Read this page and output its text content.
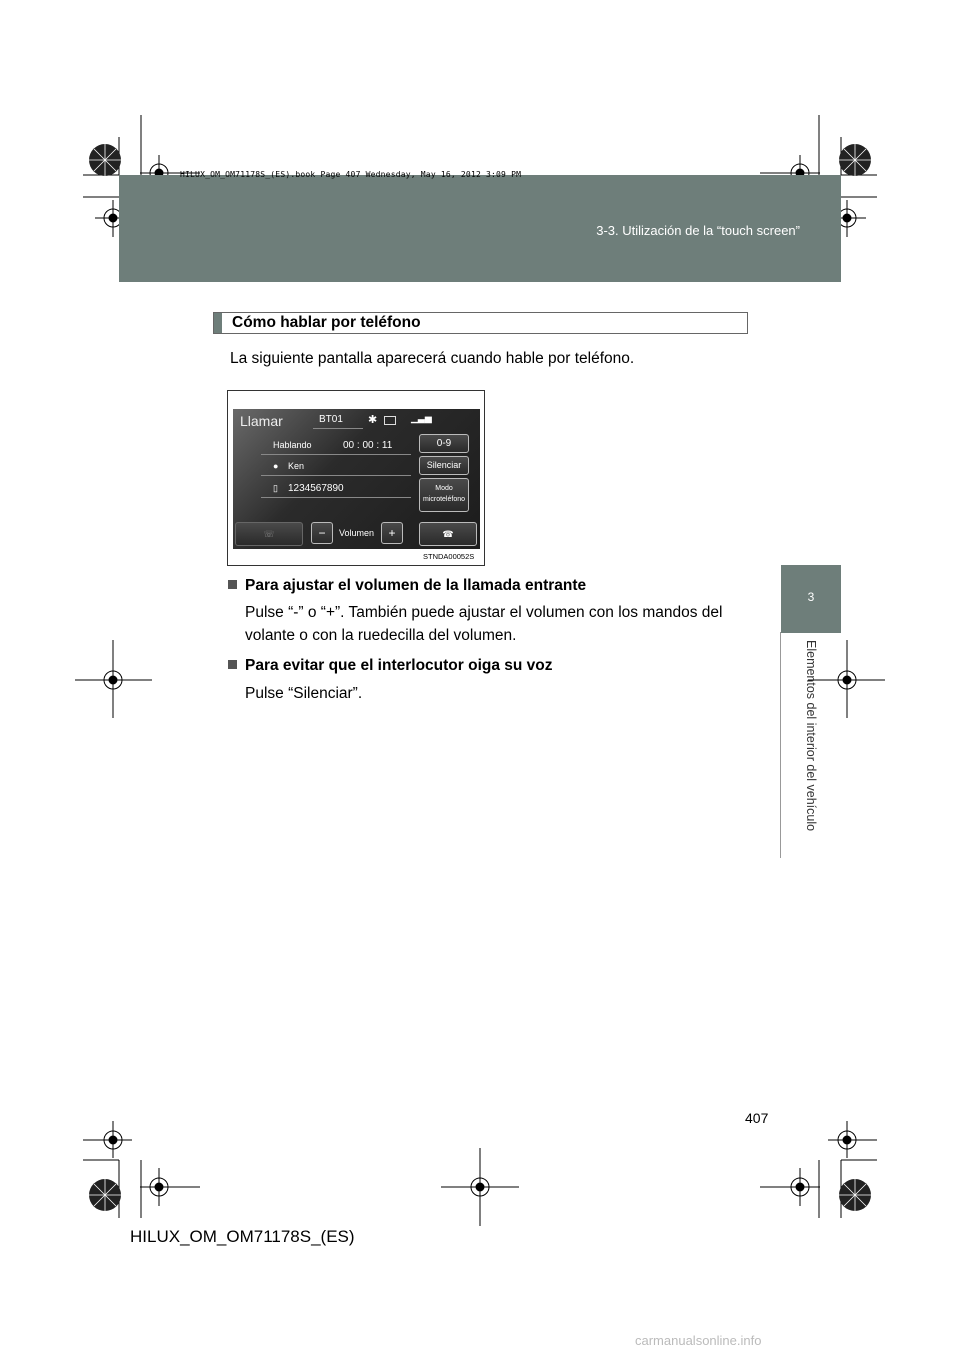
HILUX_OM_OM71178S_(ES).book Page 407 Wednesday, May 16, 2012 3:09 PM
3-3. Utilización de la “touch screen”
3
Elementos del interior del vehículo
Cómo hablar por teléfono
La siguiente pantalla aparecerá cuando hable por teléfono.
Llamar	BT01 ✱	▁▃▅
Hablando	00 : 00 : 11
● Ken
▯ 1234567890
0-9
Silenciar
Modo
microteléfono
☏	−	Volumen	+	☎
STNDA00052S
Para ajustar el volumen de la llamada entrante
Pulse “-” o “+”. También puede ajustar el volumen con los mandos del volante o con la ruedecilla del volumen.
Para evitar que el interlocutor oiga su voz
Pulse “Silenciar”.
407
HILUX_OM_OM71178S_(ES)
carmanualsonline.info
